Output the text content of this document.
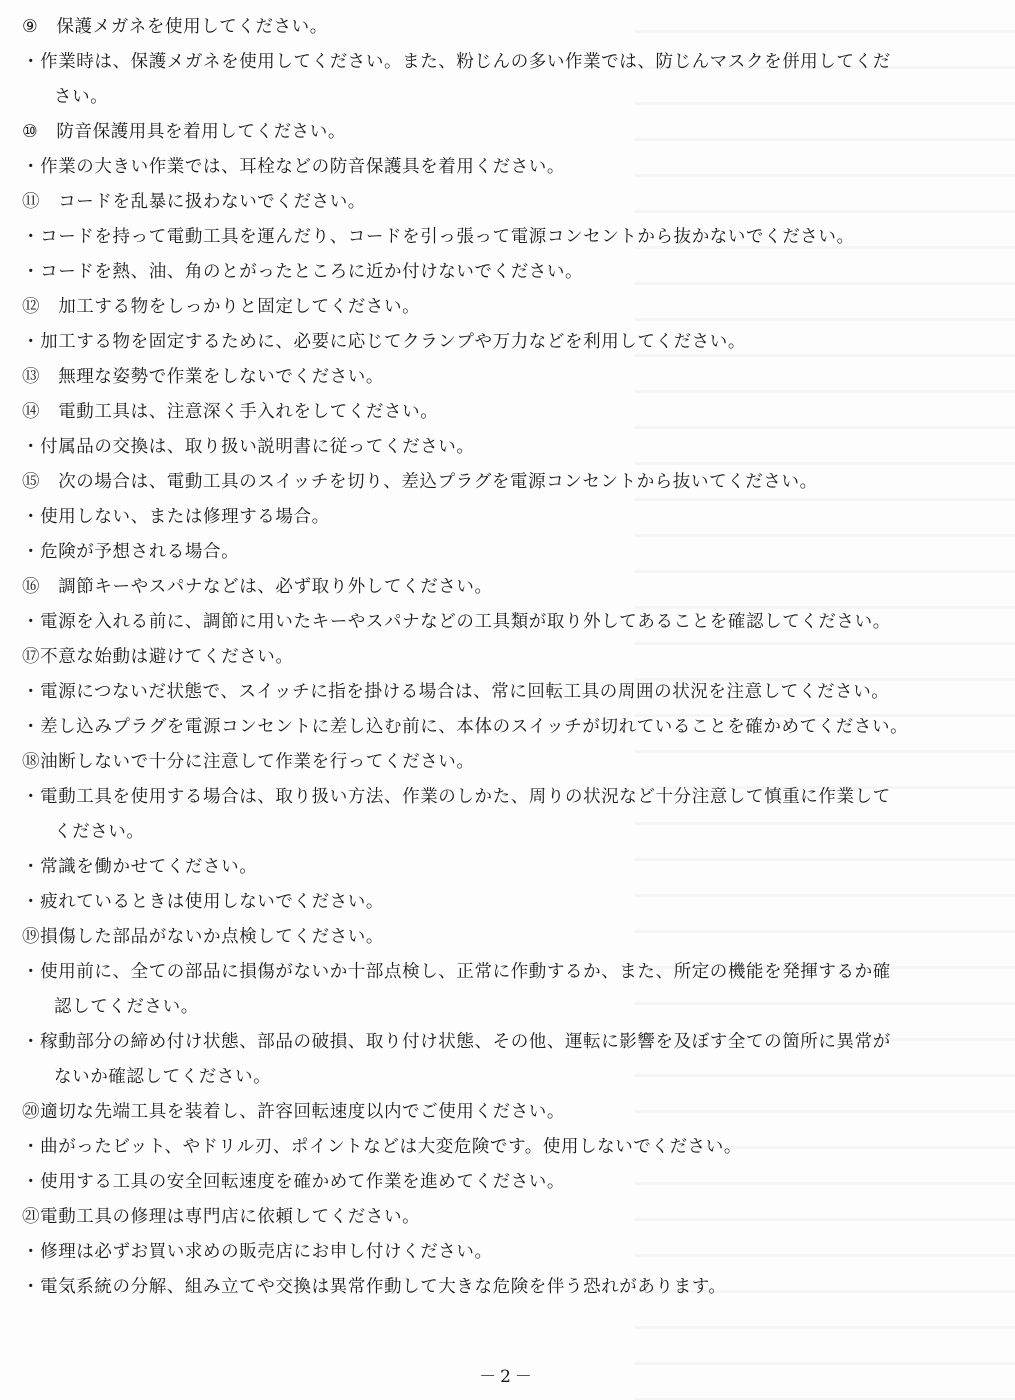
⑨　保護メガネを使用してください。
・作業時は、保護メガネを使用してください。また、粉じんの多い作業では、防じんマスクを併用してくだ
さい。
⑩　防音保護用具を着用してください。
・作業の大きい作業では、耳栓などの防音保護具を着用ください。
⑪　コードを乱暴に扱わないでください。
・コードを持って電動工具を運んだり、コードを引っ張って電源コンセントから抜かないでください。
・コードを熱、油、角のとがったところに近か付けないでください。
⑫　加工する物をしっかりと固定してください。
・加工する物を固定するために、必要に応じてクランプや万力などを利用してください。
⑬　無理な姿勢で作業をしないでください。
⑭　電動工具は、注意深く手入れをしてください。
・付属品の交換は、取り扱い説明書に従ってください。
⑮　次の場合は、電動工具のスイッチを切り、差込プラグを電源コンセントから抜いてください。
・使用しない、または修理する場合。
・危険が予想される場合。
⑯　調節キーやスパナなどは、必ず取り外してください。
・電源を入れる前に、調節に用いたキーやスパナなどの工具類が取り外してあることを確認してください。
⑰不意な始動は避けてください。
・電源につないだ状態で、スイッチに指を掛ける場合は、常に回転工具の周囲の状況を注意してください。
・差し込みプラグを電源コンセントに差し込む前に、本体のスイッチが切れていることを確かめてください。
⑱油断しないで十分に注意して作業を行ってください。
・電動工具を使用する場合は、取り扱い方法、作業のしかた、周りの状況など十分注意して慎重に作業して
ください。
・常識を働かせてください。
・疲れているときは使用しないでください。
⑲損傷した部品がないか点検してください。
・使用前に、全ての部品に損傷がないか十部点検し、正常に作動するか、また、所定の機能を発揮するか確
認してください。
・稼動部分の締め付け状態、部品の破損、取り付け状態、その他、運転に影響を及ぼす全ての箇所に異常が
ないか確認してください。
⑳適切な先端工具を装着し、許容回転速度以内でご使用ください。
・曲がったビット、やドリル刃、ポイントなどは大変危険です。使用しないでください。
・使用する工具の安全回転速度を確かめて作業を進めてください。
㉑電動工具の修理は専門店に依頼してください。
・修理は必ずお買い求めの販売店にお申し付けください。
・電気系統の分解、組み立てや交換は異常作動して大きな危険を伴う恐れがあります。
－2－
